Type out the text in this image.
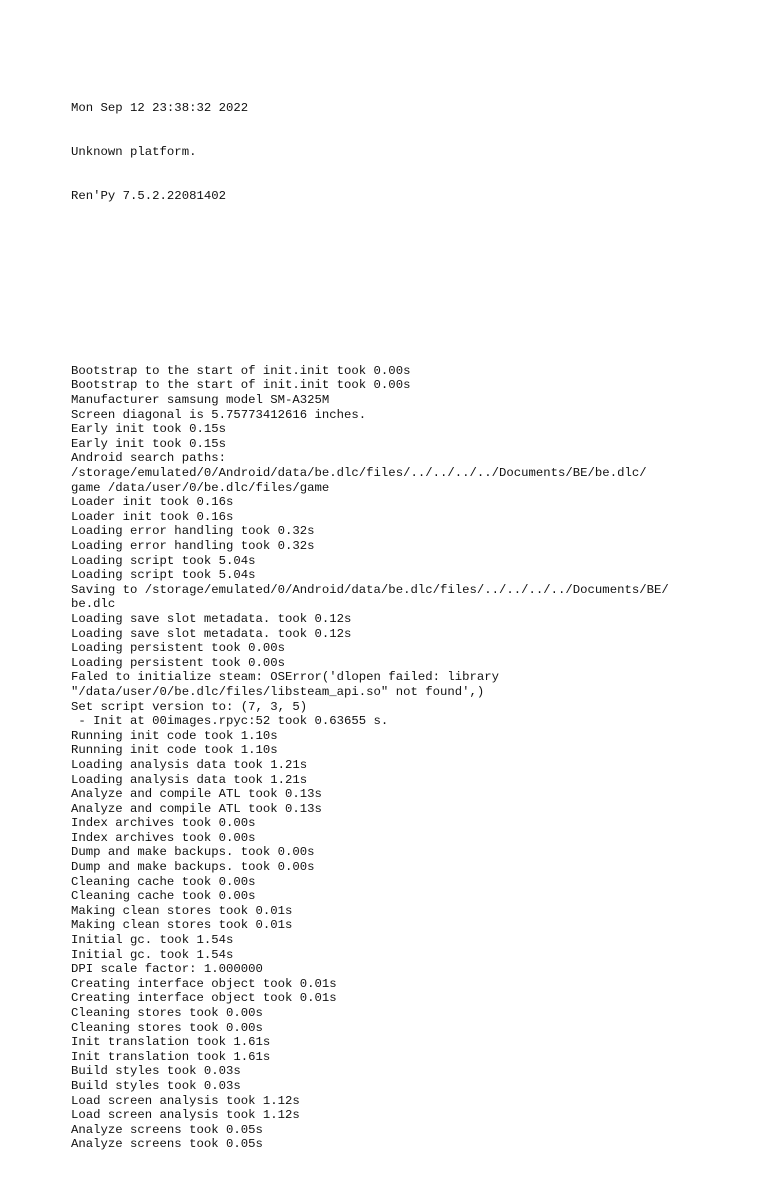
Mon Sep 12 23:38:32 2022

Unknown platform.

Ren'Py 7.5.2.22081402

Bootstrap to the start of init.init took 0.00s
Bootstrap to the start of init.init took 0.00s
Manufacturer samsung model SM-A325M
Screen diagonal is 5.75773412616 inches.
Early init took 0.15s
Early init took 0.15s
Android search paths:
/storage/emulated/0/Android/data/be.dlc/files/../../../../Documents/BE/be.dlc/
game /data/user/0/be.dlc/files/game
Loader init took 0.16s
Loader init took 0.16s
Loading error handling took 0.32s
Loading error handling took 0.32s
Loading script took 5.04s
Loading script took 5.04s
Saving to /storage/emulated/0/Android/data/be.dlc/files/../../../../Documents/BE/
be.dlc
Loading save slot metadata. took 0.12s
Loading save slot metadata. took 0.12s
Loading persistent took 0.00s
Loading persistent took 0.00s
Faled to initialize steam: OSError('dlopen failed: library
"/data/user/0/be.dlc/files/libsteam_api.so" not found',)
Set script version to: (7, 3, 5)
- Init at 00images.rpyc:52 took 0.63655 s.
Running init code took 1.10s
Running init code took 1.10s
Loading analysis data took 1.21s
Loading analysis data took 1.21s
Analyze and compile ATL took 0.13s
Analyze and compile ATL took 0.13s
Index archives took 0.00s
Index archives took 0.00s
Dump and make backups. took 0.00s
Dump and make backups. took 0.00s
Cleaning cache took 0.00s
Cleaning cache took 0.00s
Making clean stores took 0.01s
Making clean stores took 0.01s
Initial gc. took 1.54s
Initial gc. took 1.54s
DPI scale factor: 1.000000
Creating interface object took 0.01s
Creating interface object took 0.01s
Cleaning stores took 0.00s
Cleaning stores took 0.00s
Init translation took 1.61s
Init translation took 1.61s
Build styles took 0.03s
Build styles took 0.03s
Load screen analysis took 1.12s
Load screen analysis took 1.12s
Analyze screens took 0.05s
Analyze screens took 0.05s
